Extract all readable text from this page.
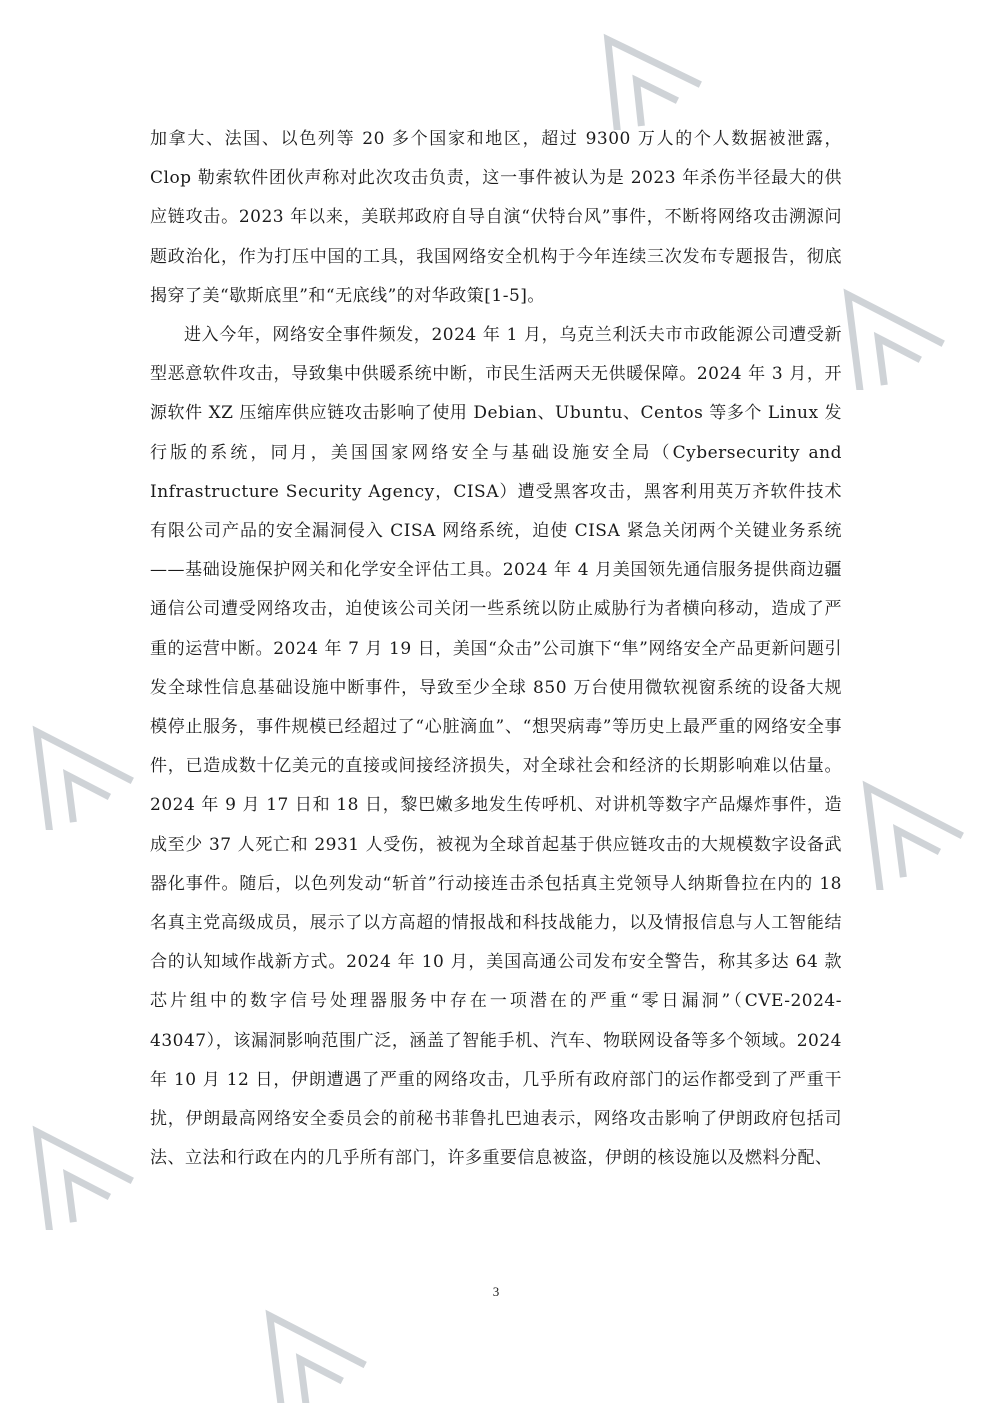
加拿大、法国、以色列等 20 多个国家和地区，超过 9300 万人的个人数据被泄露，Clop 勒索软件团伙声称对此次攻击负责，这一事件被认为是 2023 年杀伤半径最大的供应链攻击。2023 年以来，美联邦政府自导自演“伏特台风”事件，不断将网络攻击溯源问题政治化，作为打压中国的工具，我国网络安全机构于今年连续三次发布专题报告，彻底揭穿了美“歇斯底里”和“无底线”的对华政策[1-5]。

进入今年，网络安全事件频发，2024 年 1 月，乌克兰利沃夫市市政能源公司遭受新型恶意软件攻击，导致集中供暖系统中断，市民生活两天无供暖保障。2024 年 3 月，开源软件 XZ 压缩库供应链攻击影响了使用 Debian、Ubuntu、Centos 等多个 Linux 发行版的系统，同月，美国国家网络安全与基础设施安全局（Cybersecurity and Infrastructure Security Agency，CISA）遭受黑客攻击，黑客利用英万齐软件技术有限公司产品的安全漏洞侵入 CISA 网络系统，迫使 CISA 紧急关闭两个关键业务系统——基础设施保护网关和化学安全评估工具。2024 年 4 月美国领先通信服务提供商边疆通信公司遭受网络攻击，迫使该公司关闭一些系统以防止威胁行为者横向移动，造成了严重的运营中断。2024 年 7 月 19 日，美国“众击”公司旗下“隼”网络安全产品更新问题引发全球性信息基础设施中断事件，导致至少全球 850 万台使用微软视窗系统的设备大规模停止服务，事件规模已经超过了“心脏滴血”、“想哭病毒”等历史上最严重的网络安全事件，已造成数十亿美元的直接或间接经济损失，对全球社会和经济的长期影响难以估量。2024 年 9 月 17 日和 18 日，黎巴嫩多地发生传呼机、对讲机等数字产品爆炸事件，造成至少 37 人死亡和 2931 人受伤，被视为全球首起基于供应链攻击的大规模数字设备武器化事件。随后，以色列发动“斩首”行动接连击杀包括真主党领导人纳斯鲁拉在内的 18 名真主党高级成员，展示了以方高超的情报战和科技战能力，以及情报信息与人工智能结合的认知域作战新方式。2024 年 10 月，美国高通公司发布安全警告，称其多达 64 款芯片组中的数字信号处理器服务中存在一项潜在的严重“零日漏洞”（CVE-2024-43047），该漏洞影响范围广泛，涵盖了智能手机、汽车、物联网设备等多个领域。2024 年 10 月 12 日，伊朗遭遇了严重的网络攻击，几乎所有政府部门的运作都受到了严重干扰，伊朗最高网络安全委员会的前秘书菲鲁扎巴迪表示，网络攻击影响了伊朗政府包括司法、立法和行政在内的几乎所有部门，许多重要信息被盗，伊朗的核设施以及燃料分配、

3
